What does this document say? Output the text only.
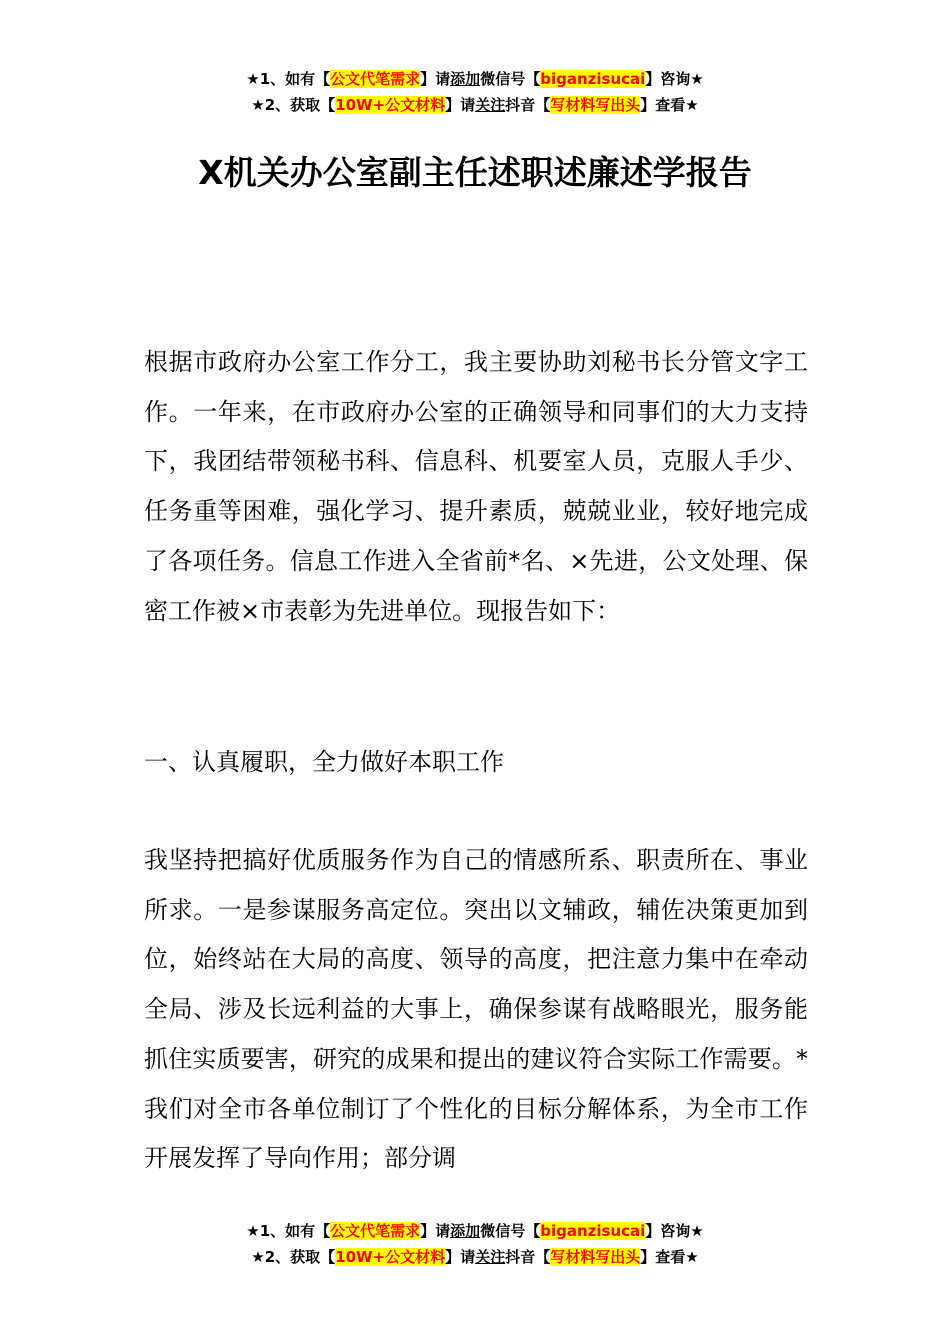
★1、如有【公文代笔需求】请添加微信号【biganzisucai】咨询★
★2、获取【10W+公文材料】请关注抖音【写材料写出头】查看★
X机关办公室副主任述职述廉述学报告

根据市政府办公室工作分工，我主要协助刘秘书长分管文字工作。一年来，在市政府办公室的正确领导和同事们的大力支持下，我团结带领秘书科、信息科、机要室人员，克服人手少、任务重等困难，强化学习、提升素质，兢兢业业，较好地完成了各项任务。信息工作进入全省前*名、×先进，公文处理、保密工作被×市表彰为先进单位。现报告如下：

一、认真履职，全力做好本职工作

我坚持把搞好优质服务作为自己的情感所系、职责所在、事业所求。一是参谋服务高定位。突出以文辅政，辅佐决策更加到位，始终站在大局的高度、领导的高度，把注意力集中在牵动全局、涉及长远利益的大事上，确保参谋有战略眼光，服务能抓住实质要害，研究的成果和提出的建议符合实际工作需要。*我们对全市各单位制订了个性化的目标分解体系，为全市工作开展发挥了导向作用；部分调

★1、如有【公文代笔需求】请添加微信号【biganzisucai】咨询★
★2、获取【10W+公文材料】请关注抖音【写材料写出头】查看★
